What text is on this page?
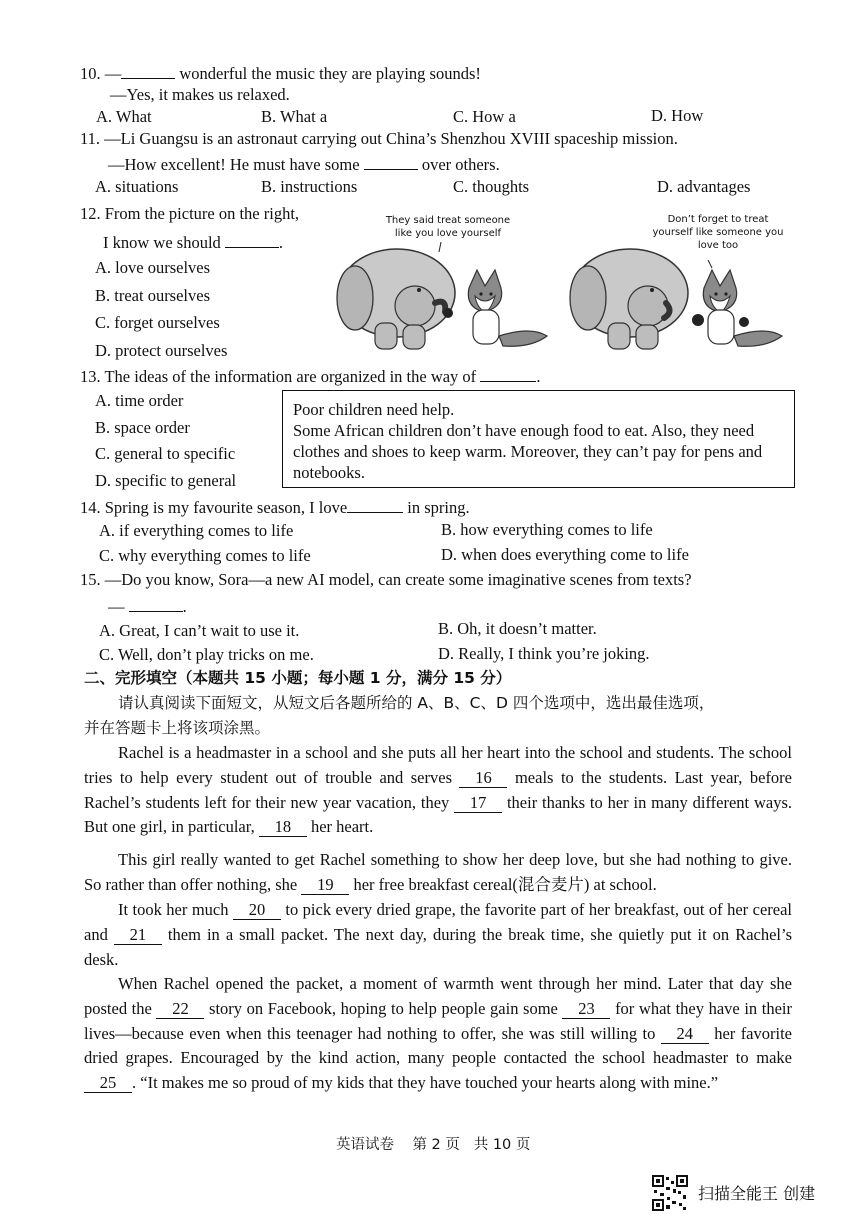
10. —	wonderful the music they are playing sounds!
—Yes, it makes us relaxed.
A. What	B. What a	C. How a	D. How
11. —Li Guangsu is an astronaut carrying out China’s Shenzhou XVIII spaceship mission.
—How excellent! He must have some	over others.
A. situations	B. instructions	C. thoughts	D. advantages
12. From the picture on the right,
I know we should	.
A. love ourselves
B. treat ourselves
C. forget ourselves
D. protect ourselves
They said treat someone like you love yourself
Don’t forget to treat yourself like someone you love too
13. The ideas of the information are organized in the way of	.
A. time order
B. space order
C. general to specific
D. specific to general
Poor children need help.
Some African children don’t have enough food to eat. Also, they need clothes and shoes to keep warm. Moreover, they can’t pay for pens and notebooks.
14. Spring is my favourite season, I love	in spring.
A. if everything comes to life	B. how everything comes to life
C. why everything comes to life	D. when does everything come to life
15. —Do you know, Sora—a new AI model, can create some imaginative scenes from texts?
—	.
A. Great, I can’t wait to use it.	B. Oh, it doesn’t matter.
C. Well, don’t play tricks on me.	D. Really, I think you’re joking.
二、完形填空（本题共 15 小题；每小题 1 分，满分 15 分）
请认真阅读下面短文，从短文后各题所给的 A、B、C、D 四个选项中，选出最佳选项，
并在答题卡上将该项涂黑。
Rachel is a headmaster in a school and she puts all her heart into the school and students. The school tries to help every student out of trouble and serves 16 meals to the students. Last year, before Rachel’s students left for their new year vacation, they 17 their thanks to her in many different ways. But one girl, in particular, 18 her heart.
This girl really wanted to get Rachel something to show her deep love, but she had nothing to give. So rather than offer nothing, she 19 her free breakfast cereal(混合麦片) at school.
It took her much 20 to pick every dried grape, the favorite part of her breakfast, out of her cereal and 21 them in a small packet. The next day, during the break time, she quietly put it on Rachel’s desk.
When Rachel opened the packet, a moment of warmth went through her mind. Later that day she posted the 22 story on Facebook, hoping to help people gain some 23 for what they have in their lives—because even when this teenager had nothing to offer, she was still willing to 24 her favorite dried grapes. Encouraged by the kind action, many people contacted the school headmaster to make 25 . “It makes me so proud of my kids that they have touched your hearts along with mine.”
英语试卷 第 2 页 共 10 页
扫描全能王 创建
